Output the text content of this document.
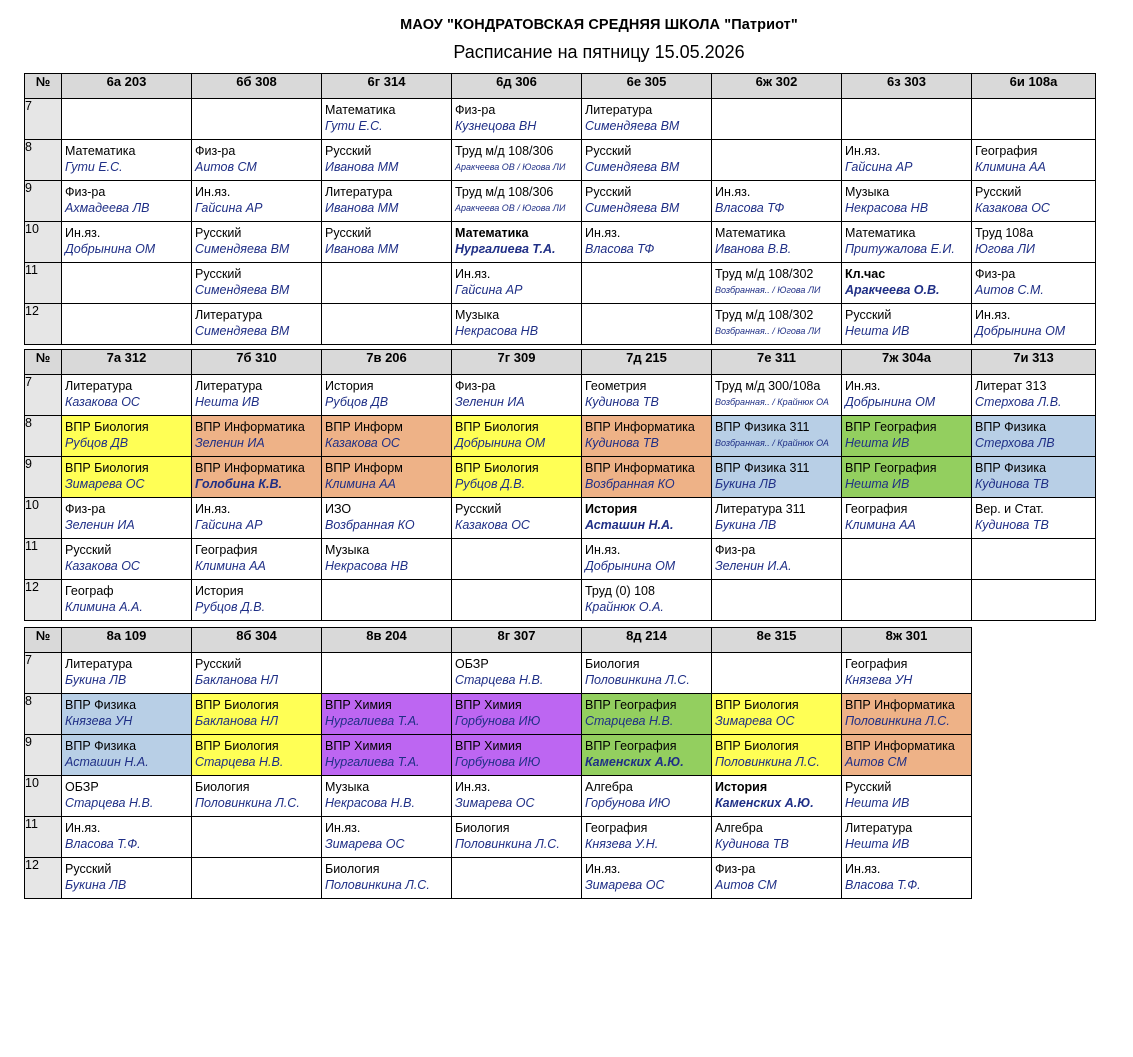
МАОУ "КОНДРАТОВСКАЯ СРЕДНЯЯ ШКОЛА "Патриот"
Расписание на пятницу 15.05.2026
№	6а 203	6б 308	6г 314	6д 306	6е 305	6ж 302	6з 303	6и 108а
7			Математика
Гути Е.С.	Физ-ра
Кузнецова ВН	Литература
Симендяева ВМ			

8	Математика
Гути Е.С.	Физ-ра
Аитов СМ	Русский
Иванова ММ	Труд м/д 108/306
Аракчеева ОВ / Югова ЛИ	Русский
Симендяева ВМ		Ин.яз.
Гайсина АР	География
Климина АА

9	Физ-ра
Ахмадеева ЛВ	Ин.яз.
Гайсина АР	Литература
Иванова ММ	Труд м/д 108/306
Аракчеева ОВ / Югова ЛИ	Русский
Симендяева ВМ	Ин.яз.
Власова ТФ	Музыка
Некрасова НВ	Русский
Казакова ОС

10	Ин.яз.
Добрынина ОМ	Русский
Симендяева ВМ	Русский
Иванова ММ	Математика
Нургалиева Т.А.	Ин.яз.
Власова ТФ	Математика
Иванова В.В.	Математика
Притужалова Е.И.	Труд 108а
Югова ЛИ

11		Русский
Симендяева ВМ		Ин.яз.
Гайсина АР		Труд м/д 108/302
Возбранная.. / Югова ЛИ	Кл.час
Аракчеева О.В.	Физ-ра
Аитов С.М.

12		Литература
Симендяева ВМ		Музыка
Некрасова НВ		Труд м/д 108/302
Возбранная.. / Югова ЛИ	Русский
Нешта ИВ	Ин.яз.
Добрынина ОМ
№	7а 312	7б 310	7в 206	7г 309	7д 215	7е 311	7ж 304а	7и 313
7	Литература
Казакова ОС	Литература
Нешта ИВ	История
Рубцов ДВ	Физ-ра
Зеленин ИА	Геометрия
Кудинова ТВ	Труд м/д 300/108а
Возбранная.. / Крайнюк ОА	Ин.яз.
Добрынина ОМ	Литерат 313
Стерхова Л.В.

8	ВПР Биология
Рубцов ДВ	ВПР Информатика
Зеленин ИА	ВПР Информ
Казакова ОС	ВПР Биология
Добрынина ОМ	ВПР Информатика
Кудинова ТВ	ВПР Физика 311
Возбранная.. / Крайнюк ОА	ВПР География
Нешта ИВ	ВПР Физика
Стерхова ЛВ

9	ВПР Биология
Зимарева ОС	ВПР Информатика
Голобина К.В.	ВПР Информ
Климина АА	ВПР Биология
Рубцов Д.В.	ВПР Информатика
Возбранная КО	ВПР Физика 311
Букина ЛВ	ВПР География
Нешта ИВ	ВПР Физика
Кудинова ТВ

10	Физ-ра
Зеленин ИА	Ин.яз.
Гайсина АР	ИЗО
Возбранная КО	Русский
Казакова ОС	История
Асташин Н.А.	Литература 311
Букина ЛВ	География
Климина АА	Вер. и Стат.
Кудинова ТВ

11	Русский
Казакова ОС	География
Климина АА	Музыка
Некрасова НВ		Ин.яз.
Добрынина ОМ	Физ-ра
Зеленин И.А.		

12	Географ
Климина А.А.	История
Рубцов Д.В.			Труд (0) 108
Крайнюк О.А.			

№	8а 109	8б 304	8в 204	8г 307	8д 214	8е 315	8ж 301
7	Литература
Букина ЛВ	Русский
Бакланова НЛ		ОБЗР
Старцева Н.В.	Биология
Половинкина Л.С.		География
Князева УН

8	ВПР Физика
Князева УН	ВПР Биология
Бакланова НЛ	ВПР Химия
Нургалиева Т.А.	ВПР Химия
Горбунова ИЮ	ВПР География
Старцева Н.В.	ВПР Биология
Зимарева ОС	ВПР Информатика
Половинкина Л.С.

9	ВПР Физика
Асташин Н.А.	ВПР Биология
Старцева Н.В.	ВПР Химия
Нургалиева Т.А.	ВПР Химия
Горбунова ИЮ	ВПР География
Каменских А.Ю.	ВПР Биология
Половинкина Л.С.	ВПР Информатика
Аитов СМ

10	ОБЗР
Старцева Н.В.	Биология
Половинкина Л.С.	Музыка
Некрасова Н.В.	Ин.яз.
Зимарева ОС	Алгебра
Горбунова ИЮ	История
Каменских А.Ю.	Русский
Нешта ИВ

11	Ин.яз.
Власова Т.Ф.		Ин.яз.
Зимарева ОС	Биология
Половинкина Л.С.	География
Князева У.Н.	Алгебра
Кудинова ТВ	Литература
Нешта ИВ

12	Русский
Букина ЛВ		Биология
Половинкина Л.С.		Ин.яз.
Зимарева ОС	Физ-ра
Аитов СМ	Ин.яз.
Власова Т.Ф.
